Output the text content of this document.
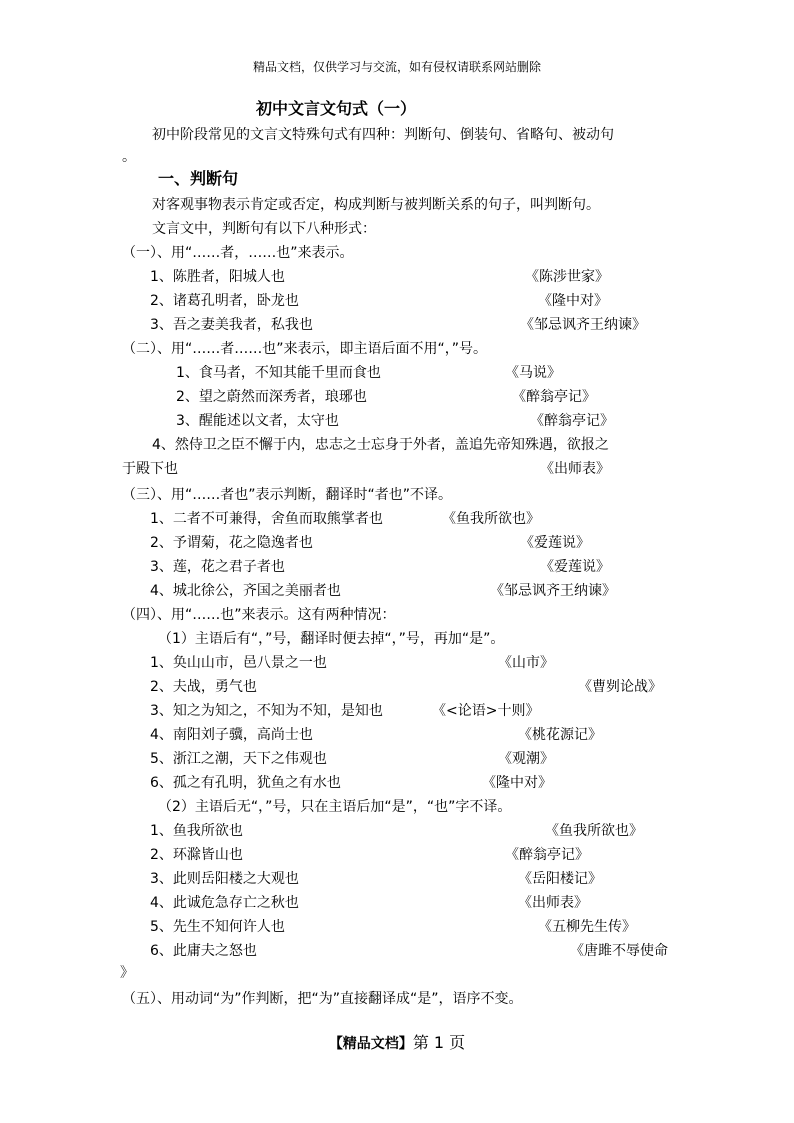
精品文档，仅供学习与交流，如有侵权请联系网站删除
初中文言文句式（一）
初中阶段常见的文言文特殊句式有四种：判断句、倒装句、省略句、被动句
。
一、判断句
对客观事物表示肯定或否定，构成判断与被判断关系的句子，叫判断句。
文言文中，判断句有以下八种形式：
（一）、用“……者，……也”来表示。
1、陈胜者，阳城人也	《陈涉世家》
2、诸葛孔明者，卧龙也	《隆中对》
3、吾之妻美我者，私我也	《邹忌讽齐王纳谏》
（二）、用“……者……也”来表示，即主语后面不用“，”号。
1、食马者，不知其能千里而食也	《马说》
2、望之蔚然而深秀者，琅琊也	《醉翁亭记》
3、醒能述以文者，太守也	《醉翁亭记》
4、然侍卫之臣不懈于内，忠志之士忘身于外者，盖追先帝知殊遇，欲报之
于殿下也	《出师表》
（三）、用“……者也”表示判断，翻译时“者也”不译。
1、二者不可兼得，舍鱼而取熊掌者也	《鱼我所欲也》
2、予谓菊，花之隐逸者也	《爱莲说》
3、莲，花之君子者也	《爱莲说》
4、城北徐公，齐国之美丽者也	《邹忌讽齐王纳谏》
（四）、用“……也”来表示。这有两种情况：
（1）主语后有“，”号，翻译时便去掉“，”号，再加“是”。
1、奂山山市，邑八景之一也	《山市》
2、夫战，勇气也	《曹刿论战》
3、知之为知之，不知为不知，是知也	《<论语>十则》
4、南阳刘子骥，高尚士也	《桃花源记》
5、浙江之潮，天下之伟观也	《观潮》
6、孤之有孔明，犹鱼之有水也	《隆中对》
（2）主语后无“，”号，只在主语后加“是”，“也”字不译。
1、鱼我所欲也	《鱼我所欲也》
2、环滁皆山也	《醉翁亭记》
3、此则岳阳楼之大观也	《岳阳楼记》
4、此诚危急存亡之秋也	《出师表》
5、先生不知何许人也	《五柳先生传》
6、此庸夫之怒也	《唐雎不辱使命
》
（五）、用动词“为”作判断，把“为”直接翻译成“是”，语序不变。
【精品文档】第 1 页
